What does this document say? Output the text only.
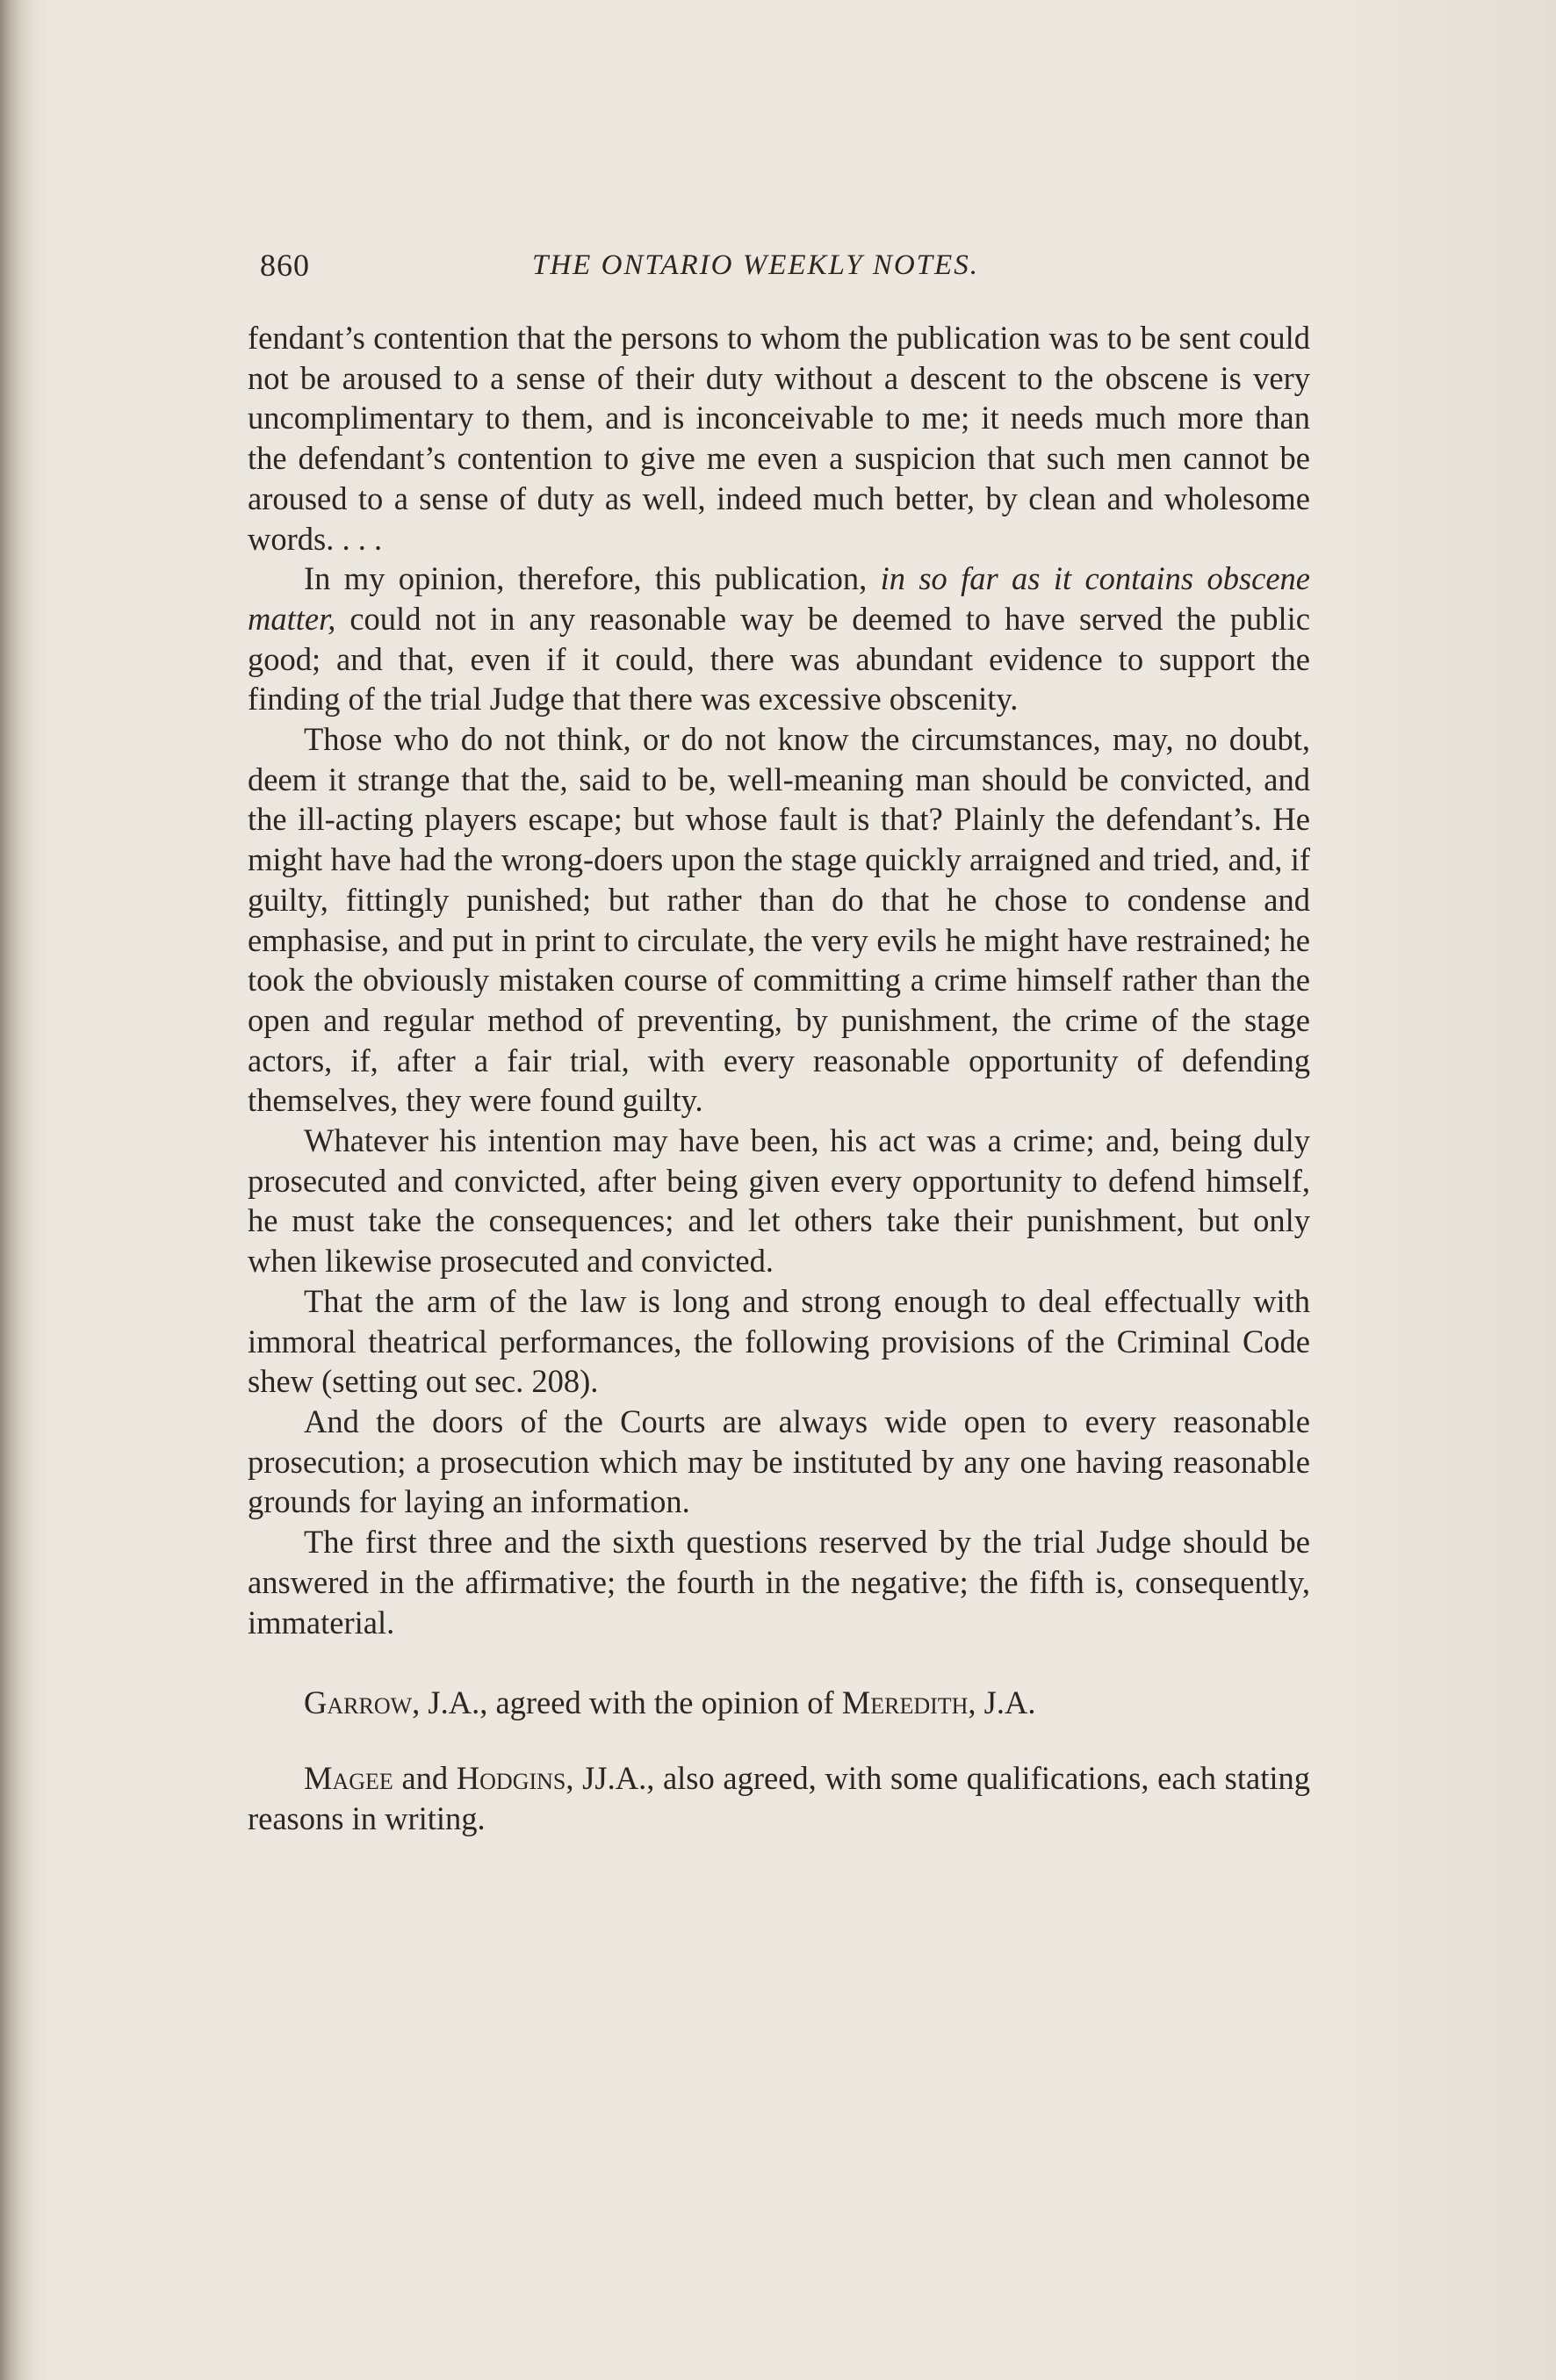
860	THE ONTARIO WEEKLY NOTES.

fendant’s contention that the persons to whom the publication was to be sent could not be aroused to a sense of their duty without a descent to the obscene is very uncomplimentary to them, and is inconceivable to me; it needs much more than the defendant’s contention to give me even a suspicion that such men cannot be aroused to a sense of duty as well, indeed much better, by clean and wholesome words. . . .

In my opinion, therefore, this publication, in so far as it contains obscene matter, could not in any reasonable way be deemed to have served the public good; and that, even if it could, there was abundant evidence to support the finding of the trial Judge that there was excessive obscenity.

Those who do not think, or do not know the circumstances, may, no doubt, deem it strange that the, said to be, well-meaning man should be convicted, and the ill-acting players escape; but whose fault is that? Plainly the defendant’s. He might have had the wrong-doers upon the stage quickly arraigned and tried, and, if guilty, fittingly punished; but rather than do that he chose to condense and emphasise, and put in print to circulate, the very evils he might have restrained; he took the obviously mistaken course of committing a crime himself rather than the open and regular method of preventing, by punishment, the crime of the stage actors, if, after a fair trial, with every reasonable opportunity of defending themselves, they were found guilty.

Whatever his intention may have been, his act was a crime; and, being duly prosecuted and convicted, after being given every opportunity to defend himself, he must take the consequences; and let others take their punishment, but only when likewise prosecuted and convicted.

That the arm of the law is long and strong enough to deal effectually with immoral theatrical performances, the following provisions of the Criminal Code shew (setting out sec. 208).

And the doors of the Courts are always wide open to every reasonable prosecution; a prosecution which may be instituted by any one having reasonable grounds for laying an information.

The first three and the sixth questions reserved by the trial Judge should be answered in the affirmative; the fourth in the negative; the fifth is, consequently, immaterial.

Garrow, J.A., agreed with the opinion of Meredith, J.A.

Magee and Hodgins, JJ.A., also agreed, with some qualifications, each stating reasons in writing.
